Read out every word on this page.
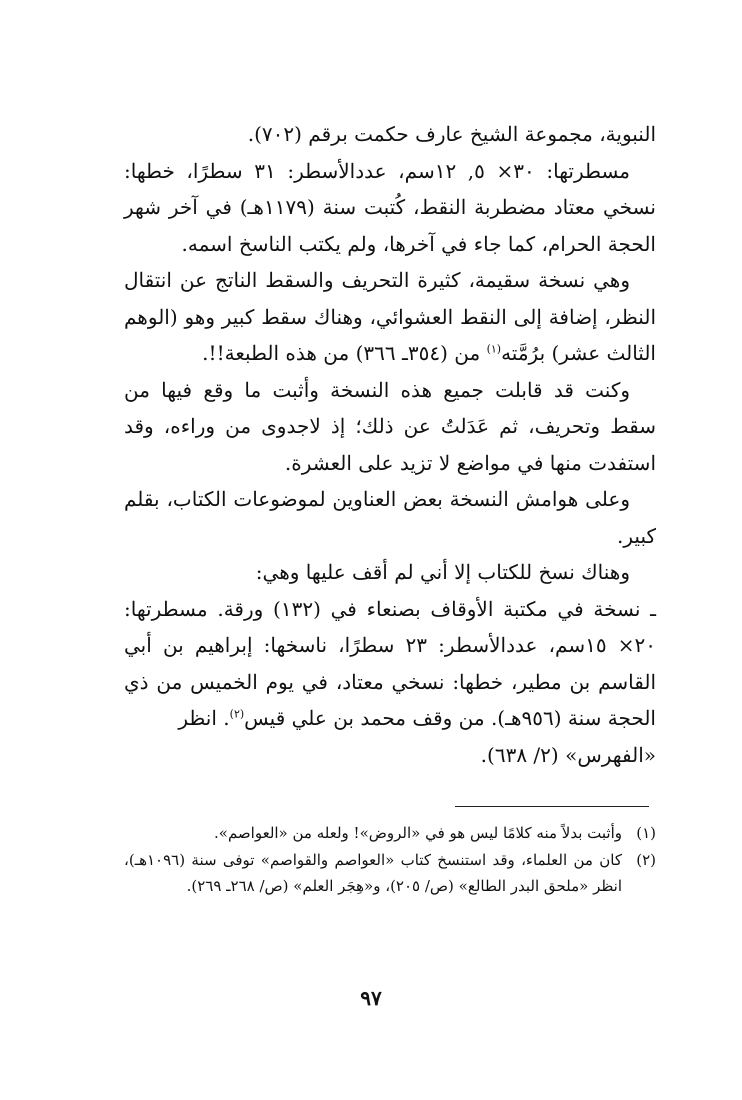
النبوية، مجموعة الشيخ عارف حكمت برقم (٧٠٢).

مسطرتها: ٣٠× ٥, ١٢سم، عددالأسطر: ٣١ سطرًا، خطها: نسخي معتاد مضطربة النقط، كُتبت سنة (١١٧٩هـ) في آخر شهر الحجة الحرام، كما جاء في آخرها، ولم يكتب الناسخ اسمه.

وهي نسخة سقيمة، كثيرة التحريف والسقط الناتج عن انتقال النظر، إضافة إلى النقط العشوائي، وهناك سقط كبير وهو (الوهم الثالث عشر) برُمَّته$^{(١)}$ من (٣٥٤ـ ٣٦٦) من هذه الطبعة!!.

وكنت قد قابلت جميع هذه النسخة وأثبت ما وقع فيها من سقط وتحريف، ثم عَدَلتُ عن ذلك؛ إذ لاجدوى من وراءه، وقد استفدت منها في مواضع لا تزيد على العشرة.

وعلى هوامش النسخة بعض العناوين لموضوعات الكتاب، بقلم كبير.

وهناك نسخ للكتاب إلا أني لم أقف عليها وهي:

ـ نسخة في مكتبة الأوقاف بصنعاء في (١٣٢) ورقة. مسطرتها: ٢٠× ١٥سم، عددالأسطر: ٢٣ سطرًا، ناسخها: إبراهيم بن أبي القاسم بن مطير، خطها: نسخي معتاد، في يوم الخميس من ذي الحجة سنة (٩٥٦هـ). من وقف محمد بن علي قيس$^{(٢)}$. انظر

«الفهرس» (٢/ ٦٣٨).

(١)
وأثبت بدلاً منه كلامًا ليس هو في «الروض»! ولعله من «العواصم».
(٢)
كان من العلماء، وقد استنسخ كتاب «العواصم والقواصم» توفى سنة (١٠٩٦هـ)، انظر «ملحق البدر الطالع» (ص/ ٢٠٥)، و«هِجَر العلم» (ص/ ٢٦٨ـ ٢٦٩).
٩٧
